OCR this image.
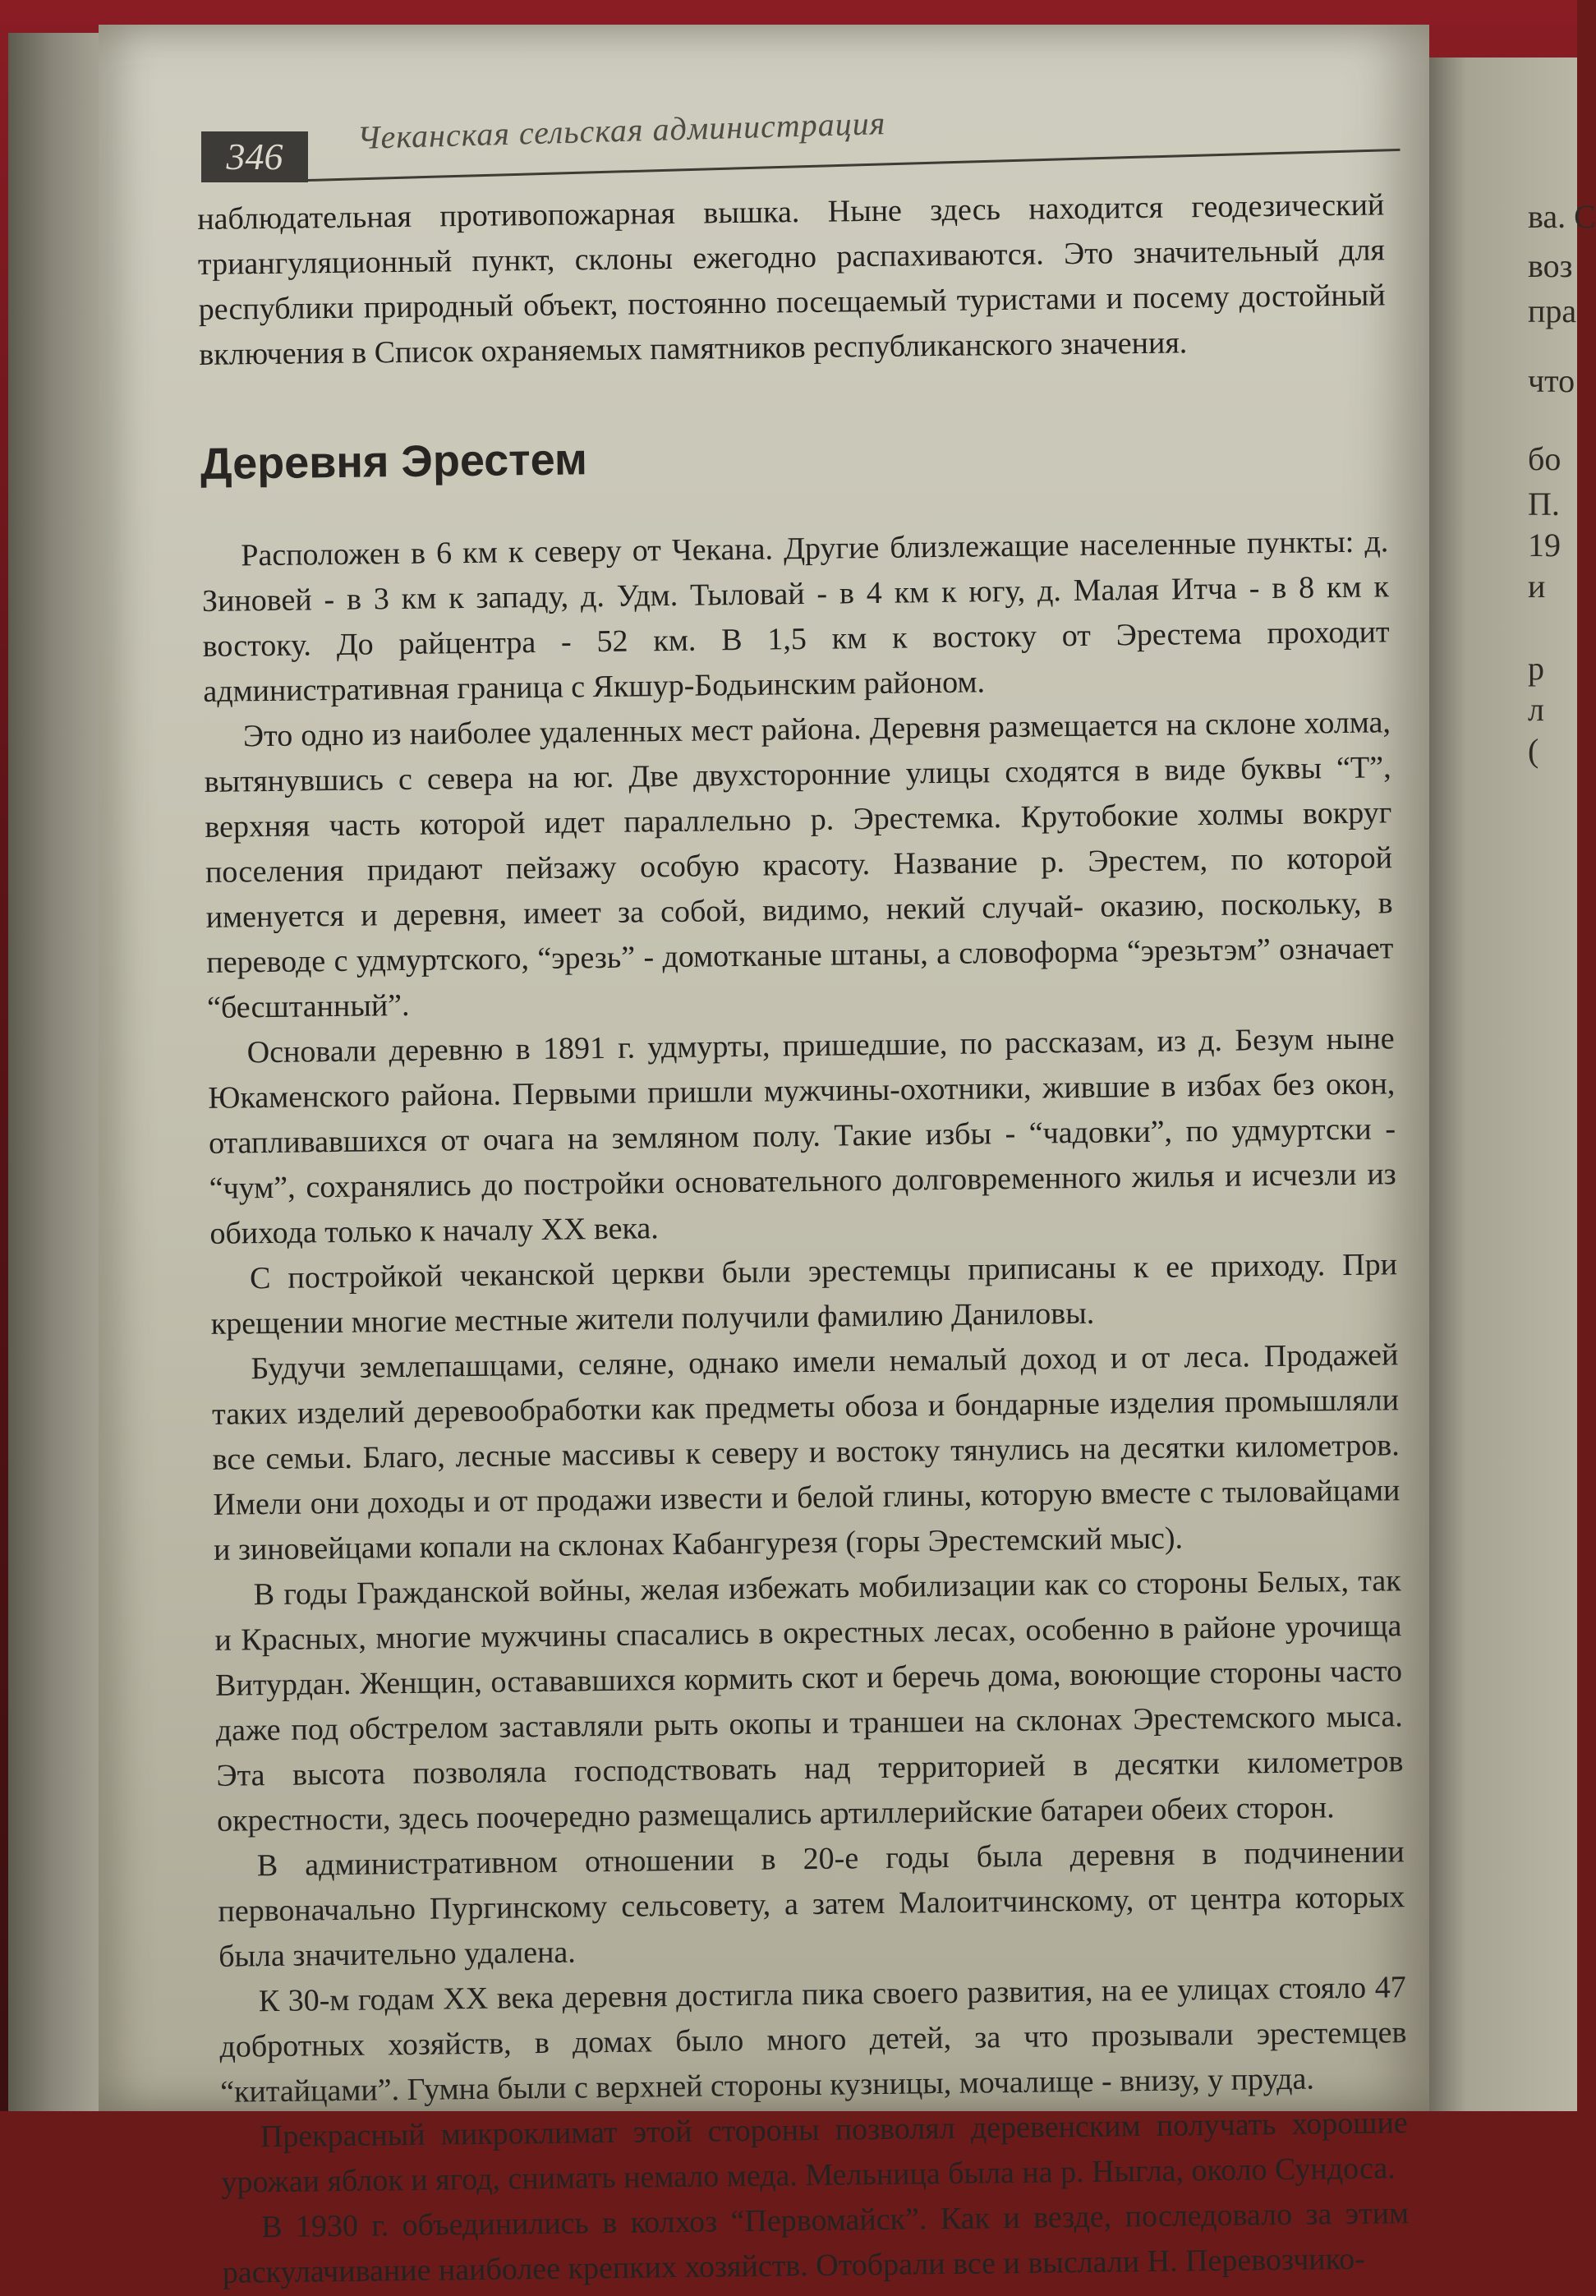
ва. С
воз
пра
что
бо
П.
19
и
р
л
(
346
Чеканская сельская администрация

наблюдательная противопожарная вышка. Ныне здесь находится геодезический триангуляционный пункт, склоны ежегодно распахиваются. Это значительный для республики природный объект, постоянно посещаемый туристами и посему достойный включения в Список охраняемых памятников республиканского значения.

Деревня Эрестем

Расположен в 6 км к северу от Чекана. Другие близлежащие населенные пункты: д. Зиновей - в 3 км к западу, д. Удм. Тыловай - в 4 км к югу, д. Малая Итча - в 8 км к востоку. До райцентра - 52 км. В 1,5 км к востоку от Эрестема проходит административная граница с Якшур-Бодьинским районом.

Это одно из наиболее удаленных мест района. Деревня размещается на склоне холма, вытянувшись с севера на юг. Две двухсторонние улицы сходятся в виде буквы “Т”, верхняя часть которой идет параллельно р. Эрестемка. Крутобокие холмы вокруг поселения придают пейзажу особую красоту. Название р. Эрестем, по которой именуется и деревня, имеет за собой, видимо, некий случай- оказию, поскольку, в переводе с удмуртского, “эрезь” - домотканые штаны, а словоформа “эрезьтэм” означает “бесштанный”.

Основали деревню в 1891 г. удмурты, пришедшие, по рассказам, из д. Безум ныне Юкаменского района. Первыми пришли мужчины-охотники, жившие в избах без окон, отапливавшихся от очага на земляном полу. Такие избы - “чадовки”, по удмуртски - “чум”, сохранялись до постройки основательного долговременного жилья и исчезли из обихода только к началу XX века.

С постройкой чеканской церкви были эрестемцы приписаны к ее приходу. При крещении многие местные жители получили фамилию Даниловы.

Будучи землепашцами, селяне, однако имели немалый доход и от леса. Продажей таких изделий деревообработки как предметы обоза и бондарные изделия промышляли все семьи. Благо, лесные массивы к северу и востоку тянулись на десятки километров. Имели они доходы и от продажи извести и белой глины, которую вместе с тыловайцами и зиновейцами копали на склонах Кабангурезя (горы Эрестемский мыс).

В годы Гражданской войны, желая избежать мобилизации как со стороны Белых, так и Красных, многие мужчины спасались в окрестных лесах, особенно в районе урочища Витурдан. Женщин, остававшихся кормить скот и беречь дома, воюющие стороны часто даже под обстрелом заставляли рыть окопы и траншеи на склонах Эрестемского мыса. Эта высота позволяла господствовать над территорией в десятки километров окрестности, здесь поочередно размещались артиллерийские батареи обеих сторон.

В административном отношении в 20-е годы была деревня в подчинении первоначально Пургинскому сельсовету, а затем Малоитчинскому, от центра которых была значительно удалена.

К 30-м годам XX века деревня достигла пика своего развития, на ее улицах стояло 47 добротных хозяйств, в домах было много детей, за что прозывали эрестемцев “китайцами”. Гумна были с верхней стороны кузницы, мочалище - внизу, у пруда.

Прекрасный микроклимат этой стороны позволял деревенским получать хорошие урожаи яблок и ягод, снимать немало меда. Мельница была на р. Ныгла, около Сундоса.

В 1930 г. объединились в колхоз “Первомайск”. Как и везде, последовало за этим раскулачивание наиболее крепких хозяйств. Отобрали все и выслали Н. Перевозчико-
